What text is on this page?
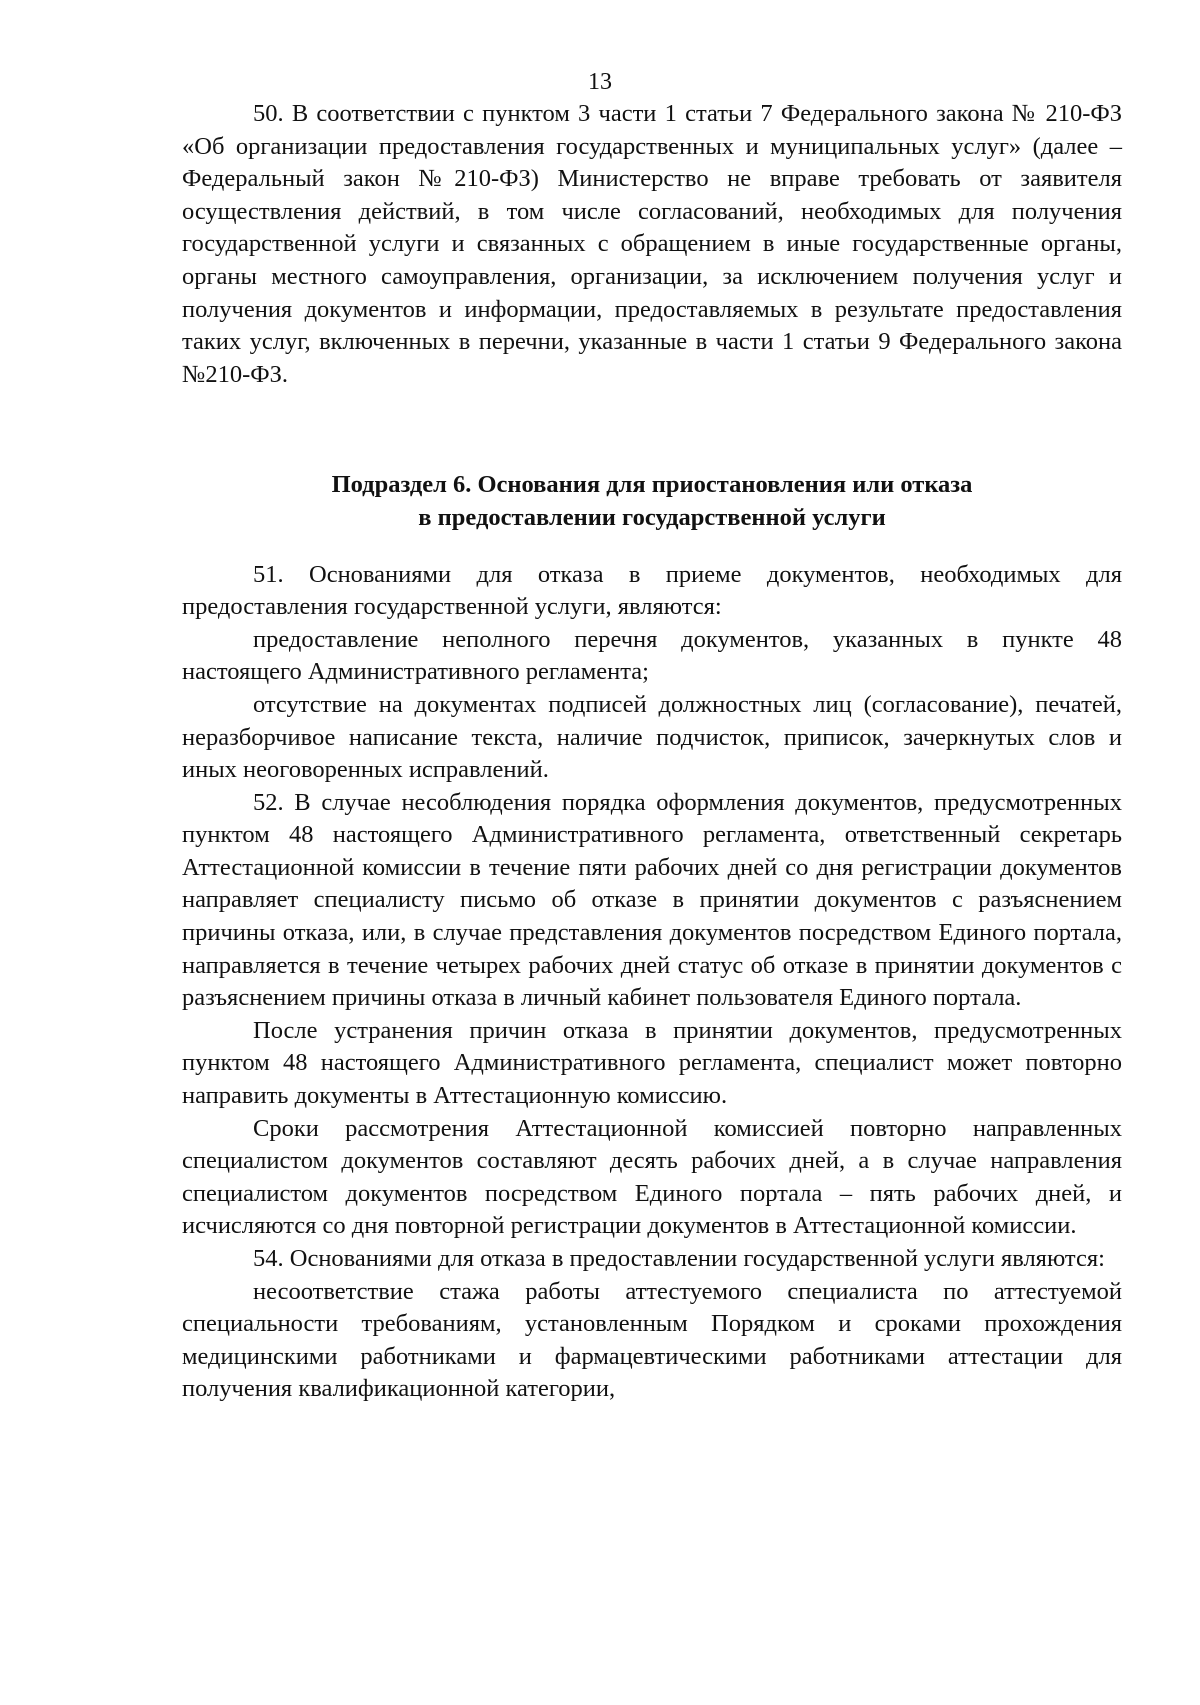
13

50. В соответствии с пунктом 3 части 1 статьи 7 Федерального закона № 210-ФЗ «Об организации предоставления государственных и муниципальных услуг» (далее – Федеральный закон №210-ФЗ) Министерство не вправе требовать от заявителя осуществления действий, в том числе согласований, необходимых для получения государственной услуги и связанных с обращением в иные государственные органы, органы местного самоуправления, организации, за исключением получения услуг и получения документов и информации, предоставляемых в результате предоставления таких услуг, включенных в перечни, указанные в части 1 статьи 9 Федерального закона №210-ФЗ.

Подраздел 6. Основания для приостановления или отказа
в предоставлении государственной услуги

51. Основаниями для отказа в приеме документов, необходимых для предоставления государственной услуги, являются:

предоставление неполного перечня документов, указанных в пункте 48 настоящего Административного регламента;

отсутствие на документах подписей должностных лиц (согласование), печатей, неразборчивое написание текста, наличие подчисток, приписок, зачеркнутых слов и иных неоговоренных исправлений.

52. В случае несоблюдения порядка оформления документов, предусмотренных пунктом 48 настоящего Административного регламента, ответственный секретарь Аттестационной комиссии в течение пяти рабочих дней со дня регистрации документов направляет специалисту письмо об отказе в принятии документов с разъяснением причины отказа, или, в случае представления документов посредством Единого портала, направляется в течение четырех рабочих дней статус об отказе в принятии документов с разъяснением причины отказа в личный кабинет пользователя Единого портала.

После устранения причин отказа в принятии документов, предусмотренных пунктом 48 настоящего Административного регламента, специалист может повторно направить документы в Аттестационную комиссию.

Сроки рассмотрения Аттестационной комиссией повторно направленных специалистом документов составляют десять рабочих дней, а в случае направления специалистом документов посредством Единого портала – пять рабочих дней, и исчисляются со дня повторной регистрации документов в Аттестационной комиссии.

54. Основаниями для отказа в предоставлении государственной услуги являются:

несоответствие стажа работы аттестуемого специалиста по аттестуемой специальности требованиям, установленным Порядком и сроками прохождения медицинскими работниками и фармацевтическими работниками аттестации для получения квалификационной категории,
